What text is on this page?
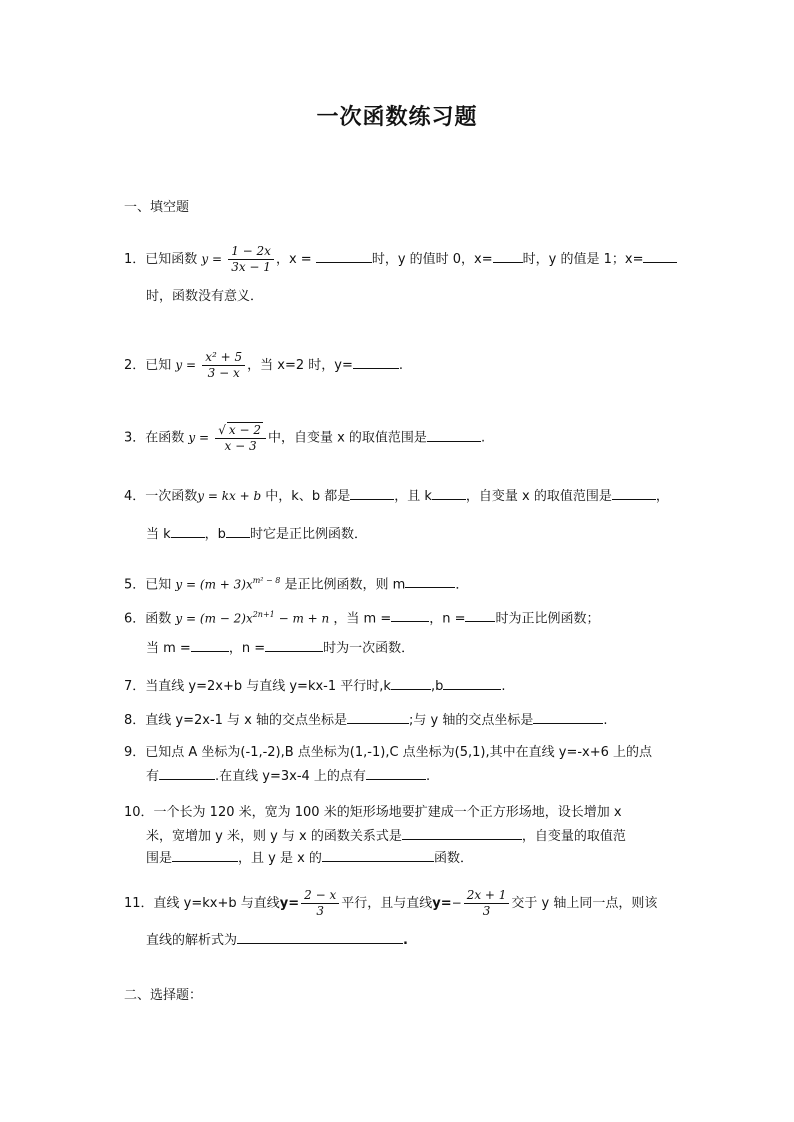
一次函数练习题
一、填空题
1．已知函数 $y = \frac{1 - 2x}{3x - 1}$ ，x =	时，y 的值时 0，x= 时，y 的值是 1；x=
时，函数没有意义．
2．已知 $y = \frac{\text{x² + 5}}{3 - x}$ ，当 x=2 时，y=	.
3．在函数 $y = \frac{√ x - 2}{x - 3}$ 中，自变量 x 的取值范围是	.
4．一次函数y = kx + b 中，k、b 都是	，且 k	，自变量 x 的取值范围是	，
当 k	，b 时它是正比例函数．
5．已知 $y = (m + 3)x^{m^2 - 8}$ 是正比例函数，则 m	．
6．函数 $y = (m - 2)x^{2n+1} - m + n$ ，当 m =	，n = 时为正比例函数；
当 m =	，n =	时为一次函数．
7．当直线 y=2x+b 与直线 y=kx-1 平行时,k	,b	.
8．直线 y=2x-1 与 x 轴的交点坐标是	;与 y 轴的交点坐标是	.
9．已知点 A 坐标为(-1,-2),B 点坐标为(1,-1),C 点坐标为(5,1),其中在直线 y=-x+6 上的点
有	.在直线 y=3x-4 上的点有	.
10．一个长为 120 米，宽为 100 米的矩形场地要扩建成一个正方形场地，设长增加 x
米，宽增加 y 米，则 y 与 x 的函数关系式是	，自变量的取值范
围是	，且 y 是 x 的	函数．
11．直线 y=kx+b 与直线$y= \frac{2 - x}{3}$ 平行，且与直线$y=- \frac{2x + 1}{3}$ 交于 y 轴上同一点，则该
直线的解析式为	.
二、选择题：
